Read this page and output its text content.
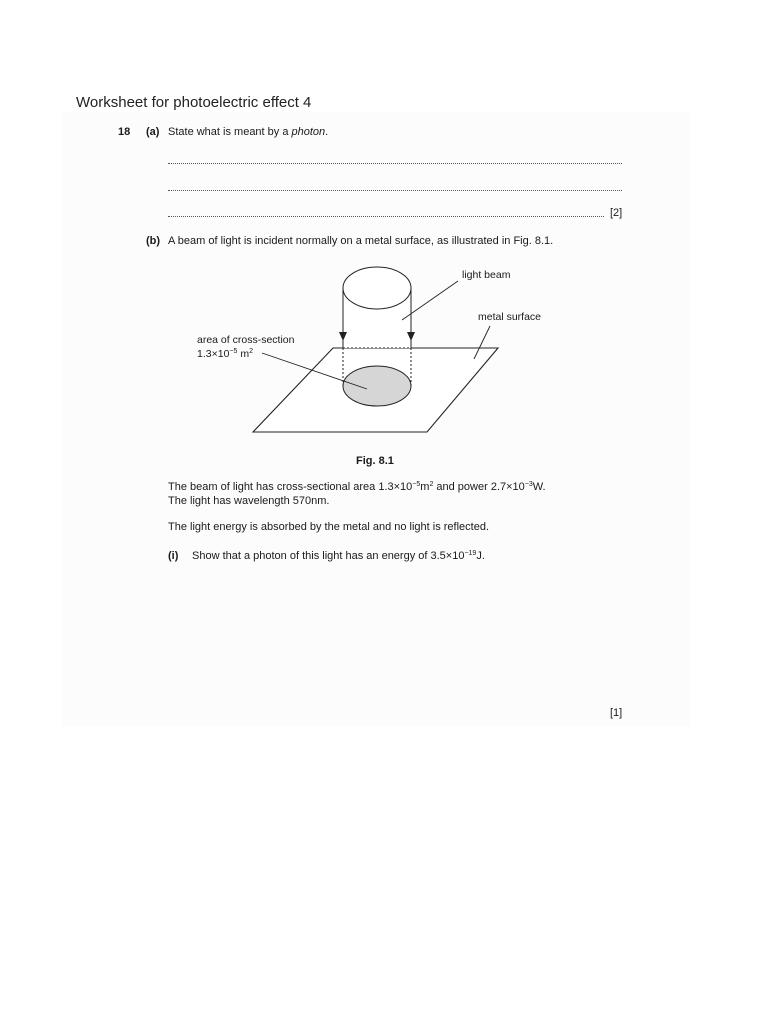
Worksheet for photoelectric effect 4
18 (a) State what is meant by a photon.
[2]
(b) A beam of light is incident normally on a metal surface, as illustrated in Fig. 8.1.
light beam
metal surface
area of cross-section
$1.3\times 10^{-5}$ $m^2$
Fig. 8.1
The beam of light has cross-sectional area $1.3\times 10^{-5}m^2$ and power $2.7\times 10^{-3}W$.
The light has wavelength 570nm.
The light energy is absorbed by the metal and no light is reflected.
(i) Show that a photon of this light has an energy of $3.5\times 10^{-19}J$.
[1]
